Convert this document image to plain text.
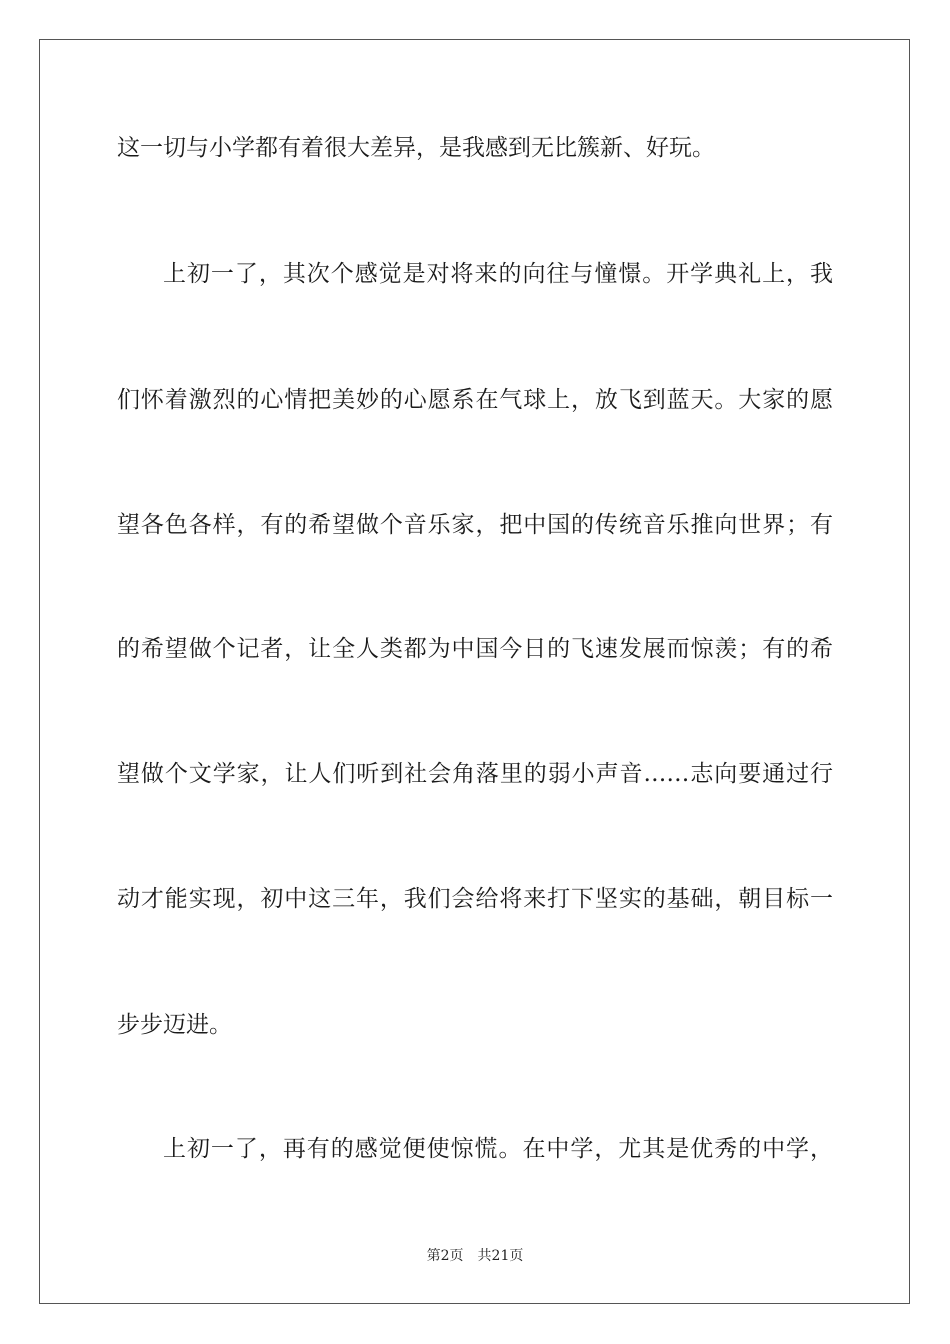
这一切与小学都有着很大差异，是我感到无比簇新、好玩。
上初一了，其次个感觉是对将来的向往与憧憬。开学典礼上，我
们怀着激烈的心情把美妙的心愿系在气球上，放飞到蓝天。大家的愿
望各色各样，有的希望做个音乐家，把中国的传统音乐推向世界；有
的希望做个记者，让全人类都为中国今日的飞速发展而惊羡；有的希
望做个文学家，让人们听到社会角落里的弱小声音……志向要通过行
动才能实现，初中这三年，我们会给将来打下坚实的基础，朝目标一
步步迈进。
上初一了，再有的感觉便使惊慌。在中学，尤其是优秀的中学，
第2页 共21页
